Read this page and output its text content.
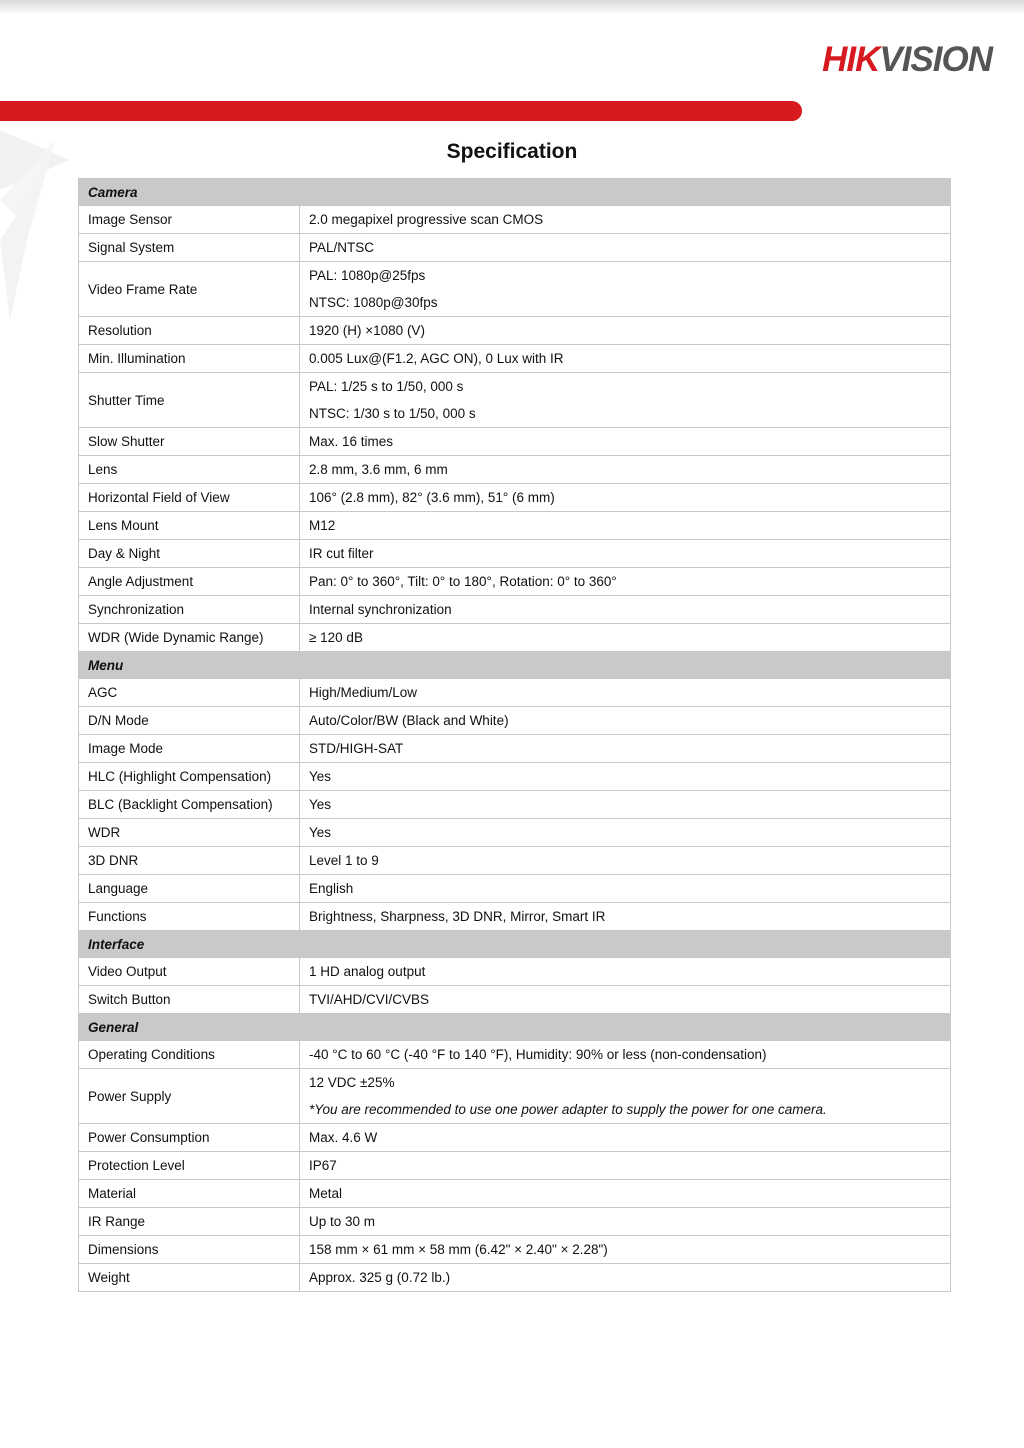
HIKVISION
Specification
Camera	
Image Sensor	2.0 megapixel progressive scan CMOS

Signal System	PAL/NTSC

Video Frame Rate	PAL: 1080p@25fps
NTSC: 1080p@30fps

Resolution	1920 (H) ×1080 (V)

Min. Illumination	0.005 Lux@(F1.2, AGC ON), 0 Lux with IR

Shutter Time	PAL: 1/25 s to 1/50, 000 s
NTSC: 1/30 s to 1/50, 000 s

Slow Shutter	Max. 16 times

Lens	2.8 mm, 3.6 mm, 6 mm

Horizontal Field of View	106° (2.8 mm), 82° (3.6 mm), 51° (6 mm)

Lens Mount	M12

Day & Night	IR cut filter

Angle Adjustment	Pan: 0° to 360°, Tilt: 0° to 180°, Rotation: 0° to 360°

Synchronization	Internal synchronization

WDR (Wide Dynamic Range)	≥ 120 dB

Menu	
AGC	High/Medium/Low

D/N Mode	Auto/Color/BW (Black and White)

Image Mode	STD/HIGH-SAT

HLC (Highlight Compensation)	Yes

BLC (Backlight Compensation)	Yes

WDR	Yes

3D DNR	Level 1 to 9

Language	English

Functions	Brightness, Sharpness, 3D DNR, Mirror, Smart IR

Interface	
Video Output	1 HD analog output

Switch Button	TVI/AHD/CVI/CVBS

General	
Operating Conditions	-40 °C to 60 °C (-40 °F to 140 °F), Humidity: 90% or less (non-condensation)

Power Supply	12 VDC ±25%
*You are recommended to use one power adapter to supply the power for one camera.

Power Consumption	Max. 4.6 W

Protection Level	IP67

Material	Metal

IR Range	Up to 30 m

Dimensions	158 mm × 61 mm × 58 mm (6.42" × 2.40" × 2.28")

Weight	Approx. 325 g (0.72 lb.)
